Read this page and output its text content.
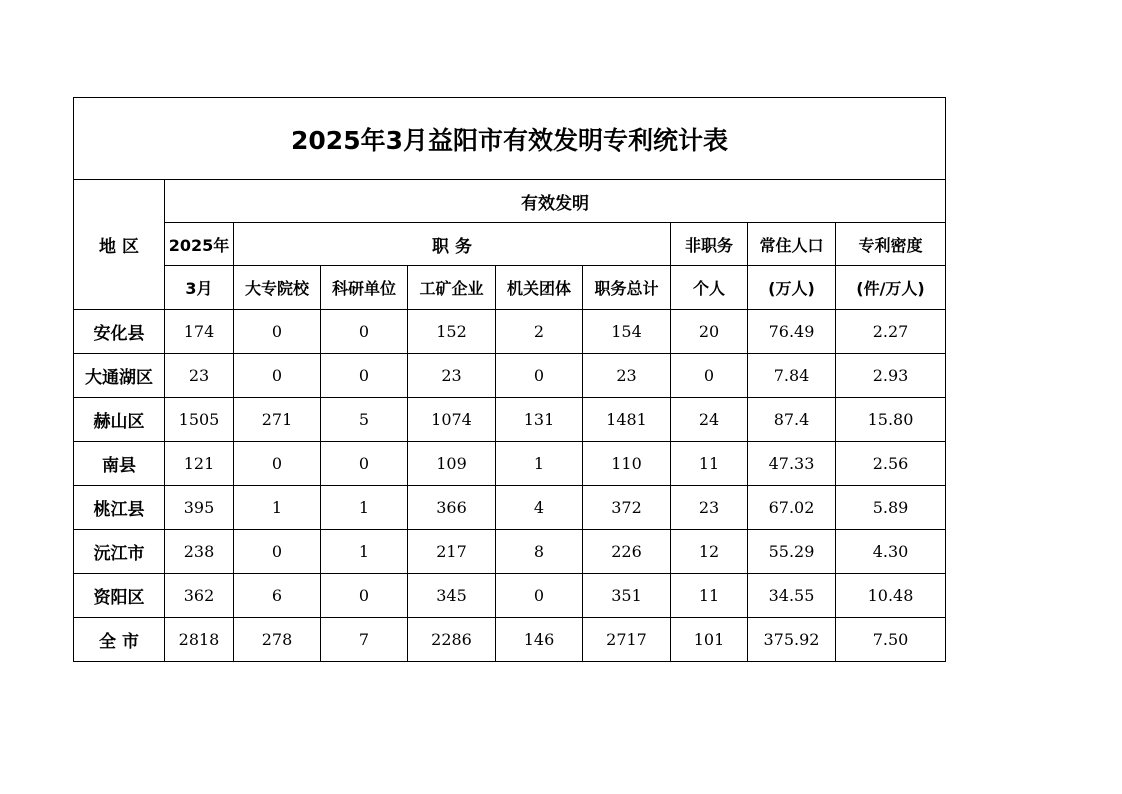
2025年3月益阳市有效发明专利统计表									
地 区	有效发明								
	2025年	职 务					非职务	常住人口	专利密度
	3月	大专院校	科研单位	工矿企业	机关团体	职务总计	个人	(万人)	(件/万人)
安化县	174	0	0	152	2	154	20	76.49	2.27
大通湖区	23	0	0	23	0	23	0	7.84	2.93
赫山区	1505	271	5	1074	131	1481	24	87.4	15.80
南县	121	0	0	109	1	110	11	47.33	2.56
桃江县	395	1	1	366	4	372	23	67.02	5.89
沅江市	238	0	1	217	8	226	12	55.29	4.30
资阳区	362	6	0	345	0	351	11	34.55	10.48
全 市	2818	278	7	2286	146	2717	101	375.92	7.50
